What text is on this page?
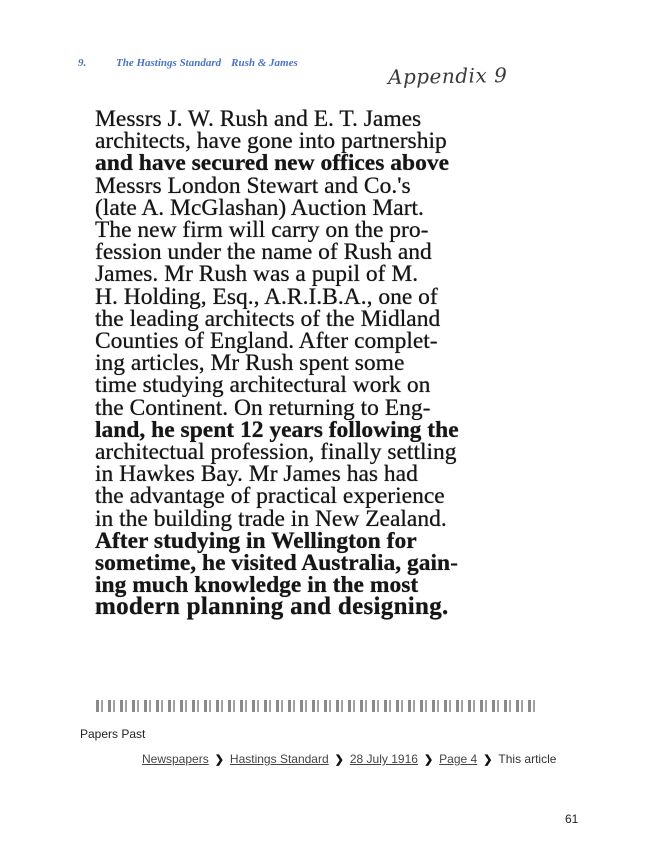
9.	The Hastings Standard Rush & James	Appendix 9
Messrs J. W. Rush and E. T. James
architects, have gone into partnership
and have secured new offices above
Messrs London Stewart and Co.'s
(late A. McGlashan) Auction Mart.
The new firm will carry on the pro-
fession under the name of Rush and
James. Mr Rush was a pupil of M.
H. Holding, Esq., A.R.I.B.A., one of
the leading architects of the Midland
Counties of England. After complet-
ing articles, Mr Rush spent some
time studying architectural work on
the Continent. On returning to Eng-
land, he spent 12 years following the
architectual profession, finally settling
in Hawkes Bay. Mr James has had
the advantage of practical experience
in the building trade in New Zealand.
After studying in Wellington for
sometime, he visited Australia, gain-
ing much knowledge in the most
modern planning and designing.
Papers Past
Newspapers ❯ Hastings Standard ❯ 28 July 1916 ❯ Page 4 ❯ This article
61
